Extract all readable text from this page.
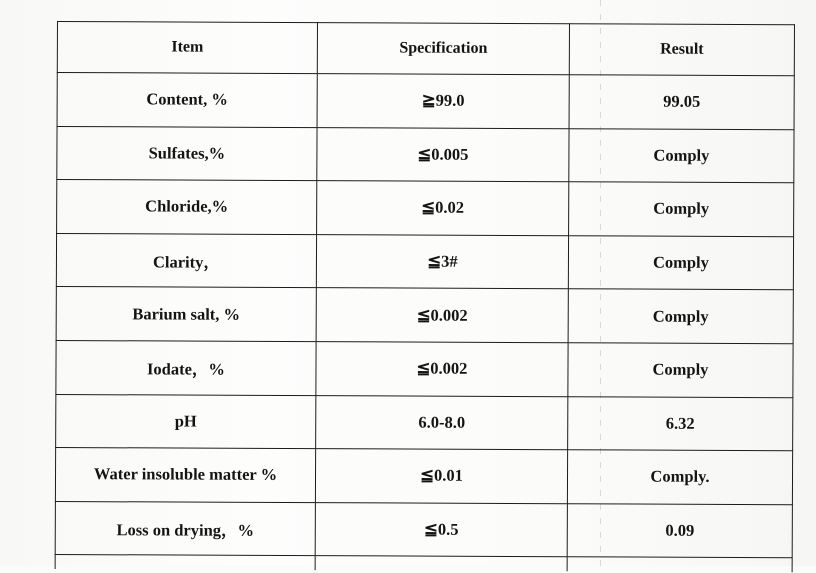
Item	Specification	Result
Content, %	≧99.0	99.05
Sulfates,%	≦0.005	Comply
Chloride,%	≦0.02	Comply
Clarity，	≦3#	Comply
Barium salt, %	≦0.002	Comply
Iodate，%	≦0.002	Comply
pH	6.0-8.0	6.32
Water insoluble matter %	≦0.01	Comply.
Loss on drying，%	≦0.5	0.09
